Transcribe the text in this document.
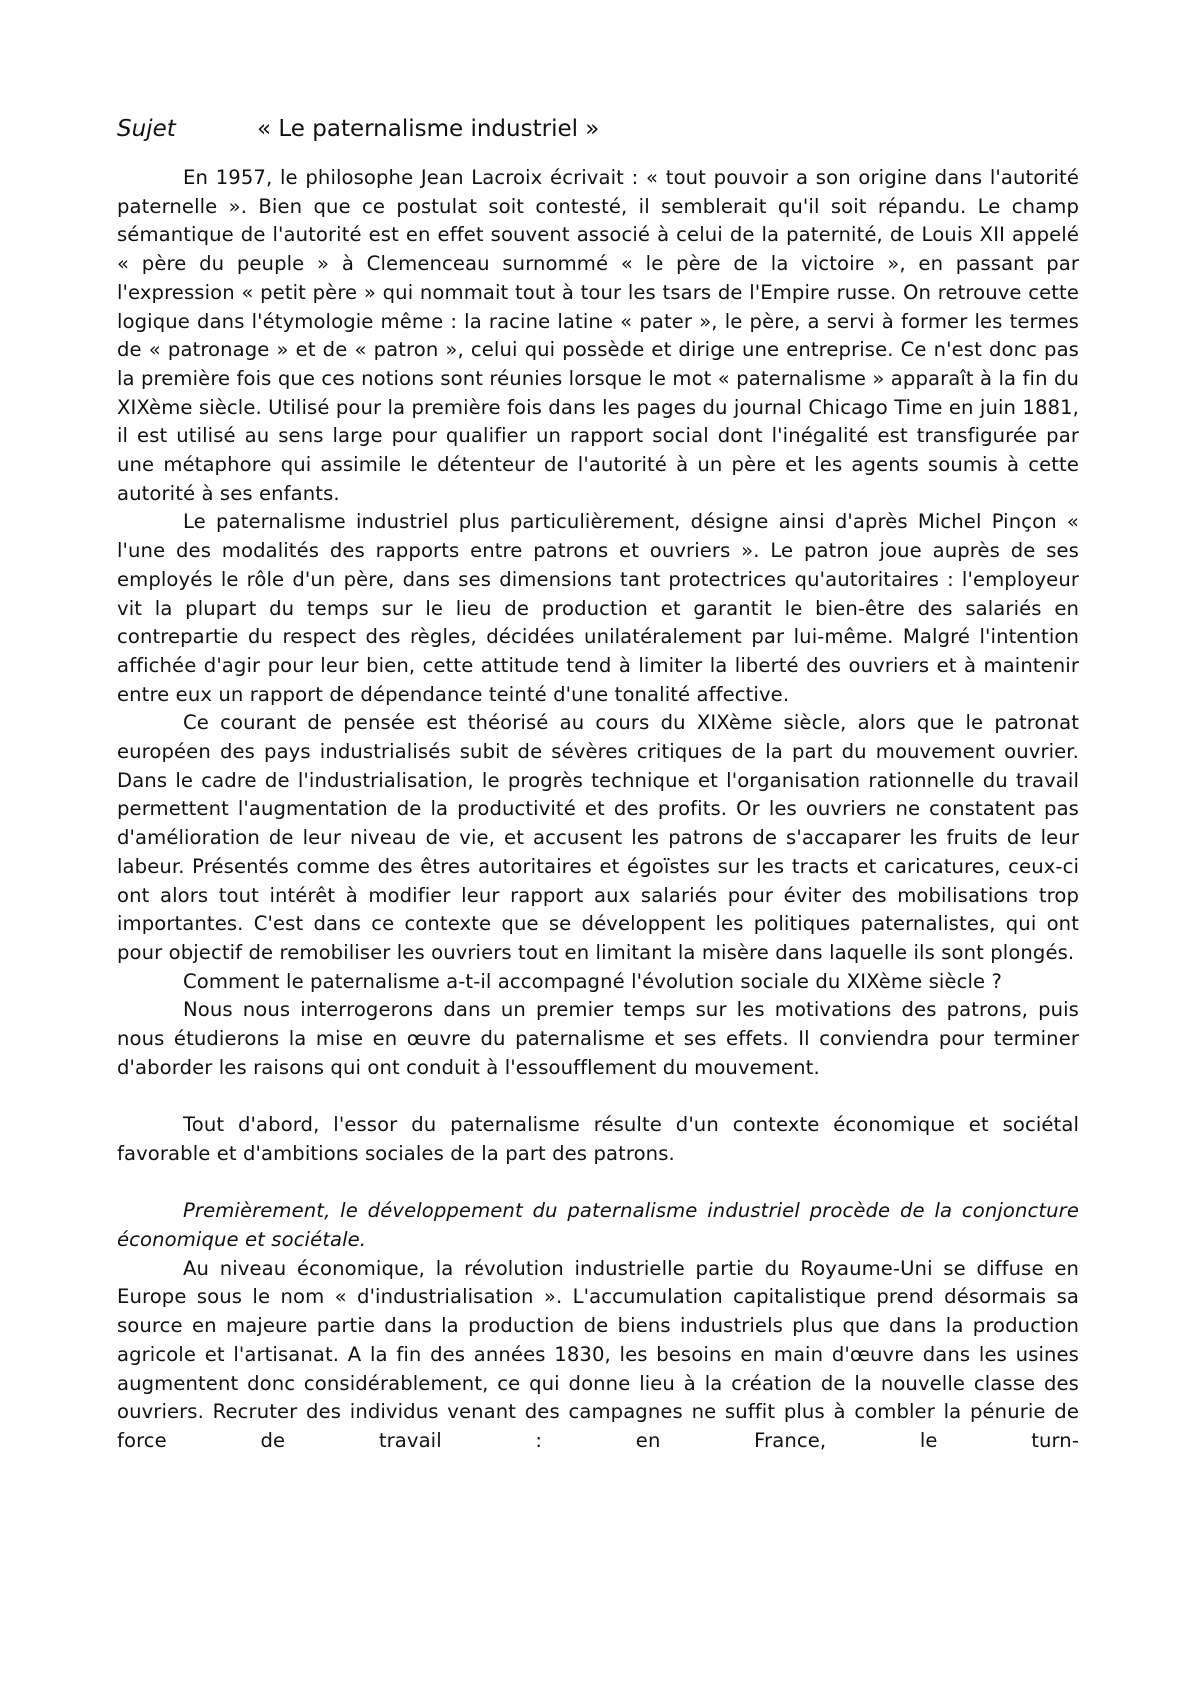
Sujet	« Le paternalisme industriel »

En 1957, le philosophe Jean Lacroix écrivait : « tout pouvoir a son origine dans l'autorité paternelle ». Bien que ce postulat soit contesté, il semblerait qu'il soit répandu. Le champ sémantique de l'autorité est en effet souvent associé à celui de la paternité, de Louis XII appelé « père du peuple » à Clemenceau surnommé « le père de la victoire », en passant par l'expression « petit père » qui nommait tout à tour les tsars de l'Empire russe. On retrouve cette logique dans l'étymologie même : la racine latine « pater », le père, a servi à former les termes de « patronage » et de « patron », celui qui possède et dirige une entreprise. Ce n'est donc pas la première fois que ces notions sont réunies lorsque le mot « paternalisme » apparaît à la fin du XIXème siècle. Utilisé pour la première fois dans les pages du journal Chicago Time en juin 1881, il est utilisé au sens large pour qualifier un rapport social dont l'inégalité est transfigurée par une métaphore qui assimile le détenteur de l'autorité à un père et les agents soumis à cette autorité à ses enfants.

Le paternalisme industriel plus particulièrement, désigne ainsi d'après Michel Pinçon « l'une des modalités des rapports entre patrons et ouvriers ». Le patron joue auprès de ses employés le rôle d'un père, dans ses dimensions tant protectrices qu'autoritaires : l'employeur vit la plupart du temps sur le lieu de production et garantit le bien-être des salariés en contrepartie du respect des règles, décidées unilatéralement par lui-même. Malgré l'intention affichée d'agir pour leur bien, cette attitude tend à limiter la liberté des ouvriers et à maintenir entre eux un rapport de dépendance teinté d'une tonalité affective.

Ce courant de pensée est théorisé au cours du XIXème siècle, alors que le patronat européen des pays industrialisés subit de sévères critiques de la part du mouvement ouvrier. Dans le cadre de l'industrialisation, le progrès technique et l'organisation rationnelle du travail permettent l'augmentation de la productivité et des profits. Or les ouvriers ne constatent pas d'amélioration de leur niveau de vie, et accusent les patrons de s'accaparer les fruits de leur labeur. Présentés comme des êtres autoritaires et égoïstes sur les tracts et caricatures, ceux-ci ont alors tout intérêt à modifier leur rapport aux salariés pour éviter des mobilisations trop importantes. C'est dans ce contexte que se développent les politiques paternalistes, qui ont pour objectif de remobiliser les ouvriers tout en limitant la misère dans laquelle ils sont plongés.

Comment le paternalisme a-t-il accompagné l'évolution sociale du XIXème siècle ?

Nous nous interrogerons dans un premier temps sur les motivations des patrons, puis nous étudierons la mise en œuvre du paternalisme et ses effets. Il conviendra pour terminer d'aborder les raisons qui ont conduit à l'essoufflement du mouvement.

Tout d'abord, l'essor du paternalisme résulte d'un contexte économique et sociétal favorable et d'ambitions sociales de la part des patrons.

Premièrement, le développement du paternalisme industriel procède de la conjoncture économique et sociétale.

Au niveau économique, la révolution industrielle partie du Royaume-Uni se diffuse en Europe sous le nom « d'industrialisation ». L'accumulation capitalistique prend désormais sa source en majeure partie dans la production de biens industriels plus que dans la production agricole et l'artisanat. A la fin des années 1830, les besoins en main d'œuvre dans les usines augmentent donc considérablement, ce qui donne lieu à la création de la nouvelle classe des ouvriers. Recruter des individus venant des campagnes ne suffit plus à combler la pénurie de force de travail : en France, le turn-
